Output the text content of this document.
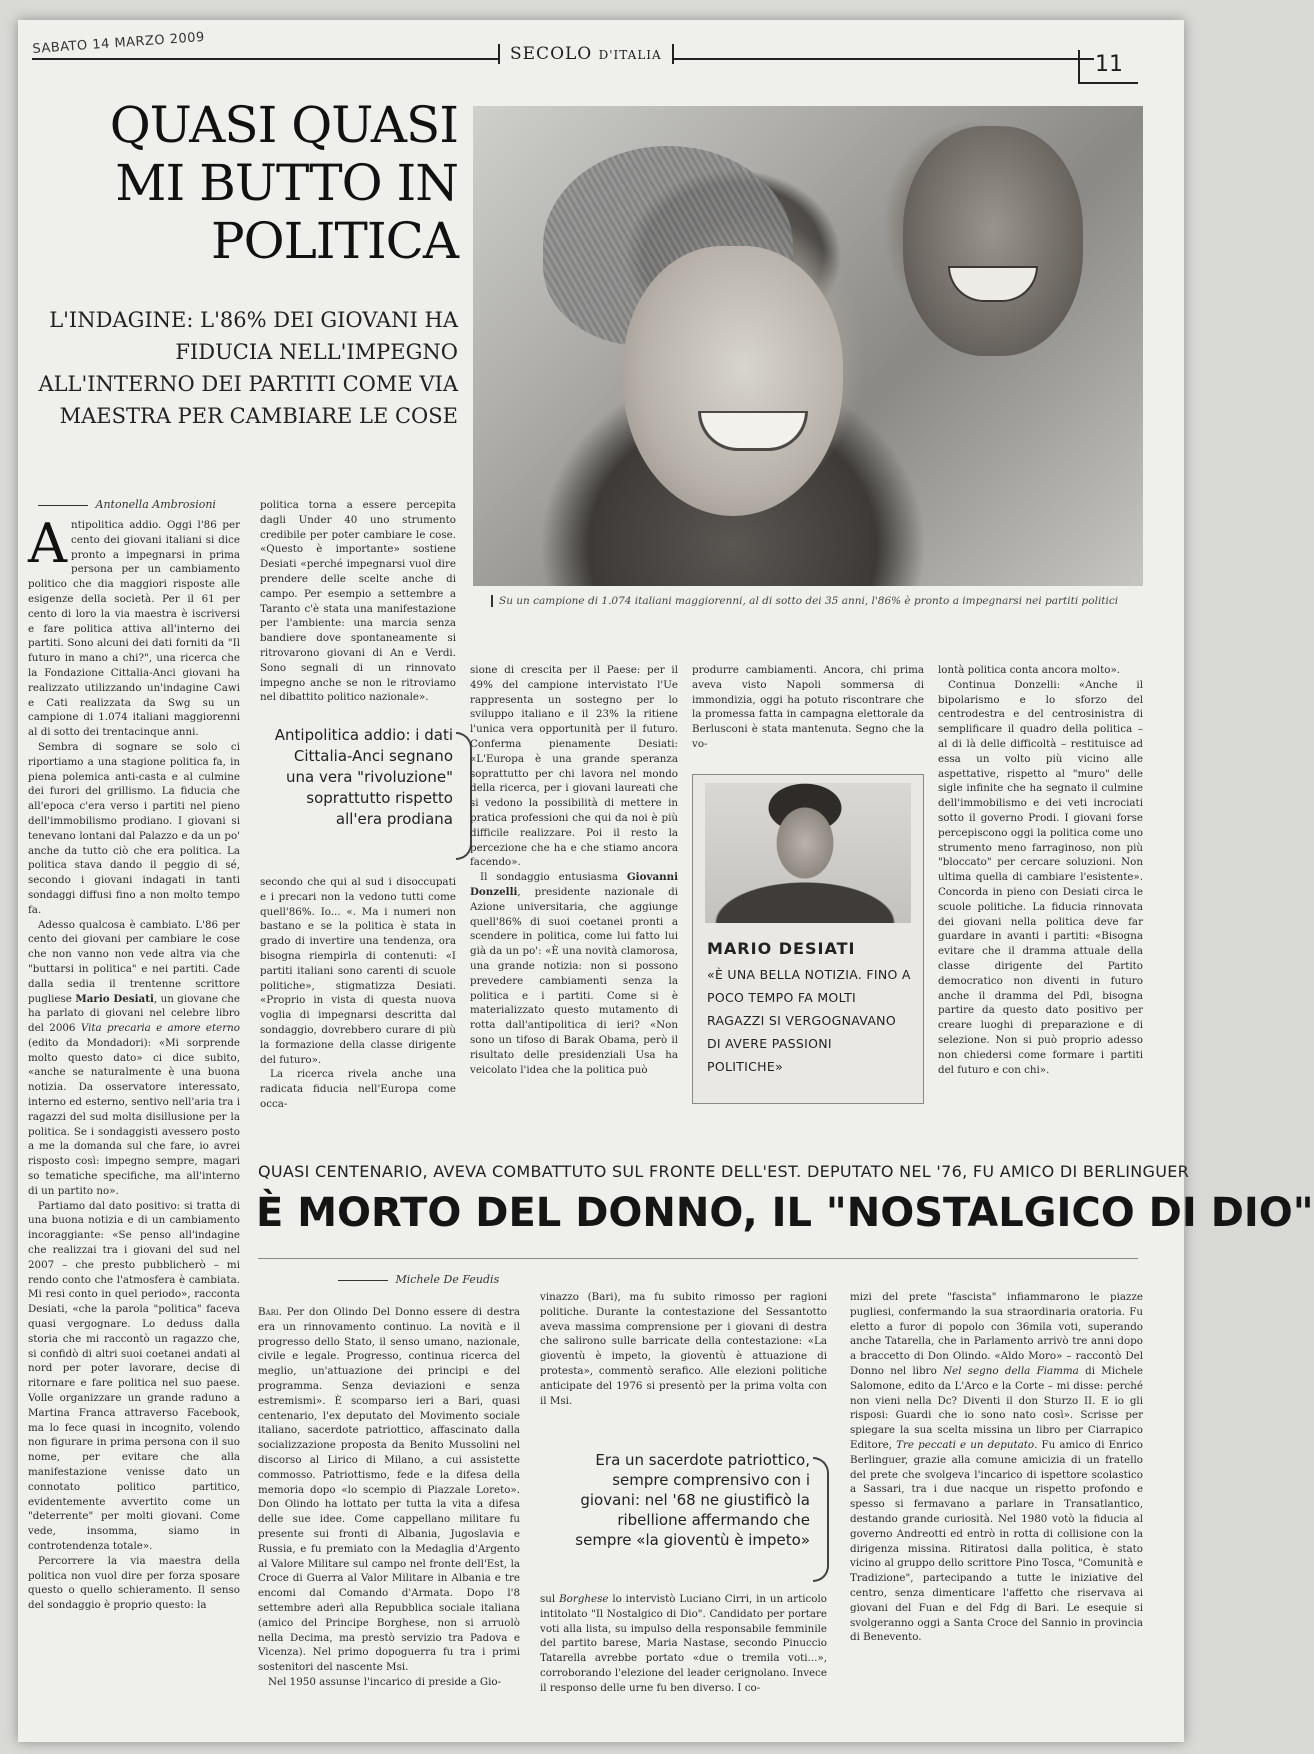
SABATO 14 MARZO 2009	SECOLO D'ITALIA	11
QUASI QUASI MI BUTTO IN POLITICA
L'INDAGINE: L'86% DEI GIOVANI HA FIDUCIA NELL'IMPEGNO ALL'INTERNO DEI PARTITI COME VIA MAESTRA PER CAMBIARE LE COSE
Su un campione di 1.074 italiani maggiorenni, al di sotto dei 35 anni, l'86% è pronto a impegnarsi nei partiti politici
Antonella Ambrosioni

Antipolitica addio. Oggi l'86 per cento dei giovani italiani si dice pronto a impegnarsi in prima persona per un cambiamento politico che dia maggiori risposte alle esigenze della società. Per il 61 per cento di loro la via maestra è iscriversi e fare politica attiva all'interno dei partiti. Sono alcuni dei dati forniti da "Il futuro in mano a chi?", una ricerca che la Fondazione Cittalia-Anci giovani ha realizzato utilizzando un'indagine Cawi e Cati realizzata da Swg su un campione di 1.074 italiani maggiorenni al di sotto dei trentacinque anni.

Sembra di sognare se solo ci riportiamo a una stagione politica fa, in piena polemica anti-casta e al culmine dei furori del grillismo. La fiducia che all'epoca c'era verso i partiti nel pieno dell'immobilismo prodiano. I giovani si tenevano lontani dal Palazzo e da un po' anche da tutto ciò che era politica. La politica stava dando il peggio di sé, secondo i giovani indagati in tanti sondaggi diffusi fino a non molto tempo fa.

Adesso qualcosa è cambiato. L'86 per cento dei giovani per cambiare le cose che non vanno non vede altra via che "buttarsi in politica" e nei partiti. Cade dalla sedia il trentenne scrittore pugliese Mario Desiati, un giovane che ha parlato di giovani nel celebre libro del 2006 Vita precaria e amore eterno (edito da Mondadori): «Mi sorprende molto questo dato» ci dice subito, «anche se naturalmente è una buona notizia. Da osservatore interessato, interno ed esterno, sentivo nell'aria tra i ragazzi del sud molta disillusione per la politica. Se i sondaggisti avessero posto a me la domanda sul che fare, io avrei risposto così: impegno sempre, magari so tematiche specifiche, ma all'interno di un partito no».

Partiamo dal dato positivo: si tratta di una buona notizia e di un cambiamento incoraggiante: «Se penso all'indagine che realizzai tra i giovani del sud nel 2007 – che presto pubblicherò – mi rendo conto che l'atmosfera è cambiata. Mi resi conto in quel periodo», racconta Desiati, «che la parola "politica" faceva quasi vergognare. Lo deduss dalla storia che mi raccontò un ragazzo che, si confidò di altri suoi coetanei andati al nord per poter lavorare, decise di ritornare e fare politica nel suo paese. Volle organizzare un grande raduno a Martina Franca attraverso Facebook, ma lo fece quasi in incognito, volendo non figurare in prima persona con il suo nome, per evitare che alla manifestazione venisse dato un connotato politico partitico, evidentemente avvertito come un "deterrente" per molti giovani. Come vede, insomma, siamo in controtendenza totale».

Percorrere la via maestra della politica non vuol dire per forza sposare questo o quello schieramento. Il senso del sondaggio è proprio questo: la

politica torna a essere percepita dagli Under 40 uno strumento credibile per poter cambiare le cose. «Questo è importante» sostiene Desiati «perché impegnarsi vuol dire prendere delle scelte anche di campo. Per esempio a settembre a Taranto c'è stata una manifestazione per l'ambiente: una marcia senza bandiere dove spontaneamente si ritrovarono giovani di An e Verdi. Sono segnali di un rinnovato impegno anche se non le ritroviamo nel dibattito politico nazionale».

Antipolitica addio: i dati Cittalia-Anci segnano una vera "rivoluzione" soprattutto rispetto all'era prodiana

secondo che qui al sud i disoccupati e i precari non la vedono tutti come quell'86%. Io... «. Ma i numeri non bastano e se la politica è stata in grado di invertire una tendenza, ora bisogna riempirla di contenuti: «I partiti italiani sono carenti di scuole politiche», stigmatizza Desiati. «Proprio in vista di questa nuova voglia di impegnarsi descritta dal sondaggio, dovrebbero curare di più la formazione della classe dirigente del futuro».

La ricerca rivela anche una radicata fiducia nell'Europa come occa-

sione di crescita per il Paese: per il 49% del campione intervistato l'Ue rappresenta un sostegno per lo sviluppo italiano e il 23% la ritiene l'unica vera opportunità per il futuro. Conferma pienamente Desiati: «L'Europa è una grande speranza soprattutto per chi lavora nel mondo della ricerca, per i giovani laureati che si vedono la possibilità di mettere in pratica professioni che qui da noi è più difficile realizzare. Poi il resto la percezione che ha e che stiamo ancora facendo».

Il sondaggio entusiasma Giovanni Donzelli, presidente nazionale di Azione universitaria, che aggiunge quell'86% di suoi coetanei pronti a scendere in politica, come lui fatto lui già da un po': «È una novità clamorosa, una grande notizia: non si possono prevedere cambiamenti senza la politica e i partiti. Come si è materializzato questo mutamento di rotta dall'antipolitica di ieri? «Non sono un tifoso di Barak Obama, però il risultato delle presidenziali Usa ha veicolato l'idea che la politica può

produrre cambiamenti. Ancora, chi prima aveva visto Napoli sommersa di immondizia, oggi ha potuto riscontrare che la promessa fatta in campagna elettorale da Berlusconi è stata mantenuta. Segno che la vo-

MARIO DESIATI
«È UNA BELLA NOTIZIA. FINO A POCO TEMPO FA MOLTI RAGAZZI SI VERGOGNAVANO DI AVERE PASSIONI POLITICHE»

lontà politica conta ancora molto».

Continua Donzelli: «Anche il bipolarismo e lo sforzo del centrodestra e del centrosinistra di semplificare il quadro della politica – al di là delle difficoltà – restituisce ad essa un volto più vicino alle aspettative, rispetto al "muro" delle sigle infinite che ha segnato il culmine dell'immobilismo e dei veti incrociati sotto il governo Prodi. I giovani forse percepiscono oggi la politica come uno strumento meno farraginoso, non più "bloccato" per cercare soluzioni. Non ultima quella di cambiare l'esistente». Concorda in pieno con Desiati circa le scuole politiche. La fiducia rinnovata dei giovani nella politica deve far guardare in avanti i partiti: «Bisogna evitare che il dramma attuale della classe dirigente del Partito democratico non diventi in futuro anche il dramma del Pdl, bisogna partire da questo dato positivo per creare luoghi di preparazione e di selezione. Non si può proprio adesso non chiedersi come formare i partiti del futuro e con chi».

QUASI CENTENARIO, AVEVA COMBATTUTO SUL FRONTE DELL'EST. DEPUTATO NEL '76, FU AMICO DI BERLINGUER
È MORTO DEL DONNO, IL "NOSTALGICO DI DIO"
Michele De Feudis

Bari. Per don Olindo Del Donno essere di destra era un rinnovamento continuo. La novità e il progresso dello Stato, il senso umano, nazionale, civile e legale. Progresso, continua ricerca del meglio, un'attuazione dei principi e del programma. Senza deviazioni e senza estremismi». È scomparso ieri a Bari, quasi centenario, l'ex deputato del Movimento sociale italiano, sacerdote patriottico, affascinato dalla socializzazione proposta da Benito Mussolini nel discorso al Lirico di Milano, a cui assistette commosso. Patriottismo, fede e la difesa della memoria dopo «lo scempio di Piazzale Loreto». Don Olindo ha lottato per tutta la vita a difesa delle sue idee. Come cappellano militare fu presente sui fronti di Albania, Jugoslavia e Russia, e fu premiato con la Medaglia d'Argento al Valore Militare sul campo nel fronte dell'Est, la Croce di Guerra al Valor Militare in Albania e tre encomi dal Comando d'Armata. Dopo l'8 settembre aderì alla Repubblica sociale italiana (amico del Principe Borghese, non si arruolò nella Decima, ma prestò servizio tra Padova e Vicenza). Nel primo dopoguerra fu tra i primi sostenitori del nascente Msi.

Nel 1950 assunse l'incarico di preside a Gio-

vinazzo (Bari), ma fu subito rimosso per ragioni politiche. Durante la contestazione del Sessantotto aveva massima comprensione per i giovani di destra che salirono sulle barricate della contestazione: «La gioventù è impeto, la gioventù è attuazione di protesta», commentò serafico. Alle elezioni politiche anticipate del 1976 si presentò per la prima volta con il Msi.

Era un sacerdote patriottico, sempre comprensivo con i giovani: nel '68 ne giustificò la ribellione affermando che sempre «la gioventù è impeto»

sul Borghese lo intervistò Luciano Cirri, in un articolo intitolato "Il Nostalgico di Dio". Candidato per portare voti alla lista, su impulso della responsabile femminile del partito barese, Maria Nastase, secondo Pinuccio Tatarella avrebbe portato «due o tremila voti...», corroborando l'elezione del leader cerignolano. Invece il responso delle urne fu ben diverso. I co-

mizi del prete "fascista" infiammarono le piazze pugliesi, confermando la sua straordinaria oratoria. Fu eletto a furor di popolo con 36mila voti, superando anche Tatarella, che in Parlamento arrivò tre anni dopo a braccetto di Don Olindo. «Aldo Moro» – raccontò Del Donno nel libro Nel segno della Fiamma di Michele Salomone, edito da L'Arco e la Corte – mi disse: perché non vieni nella Dc? Diventi il don Sturzo II. E io gli risposi: Guardi che io sono nato così». Scrisse per spiegare la sua scelta missina un libro per Ciarrapico Editore, Tre peccati e un deputato. Fu amico di Enrico Berlinguer, grazie alla comune amicizia di un fratello del prete che svolgeva l'incarico di ispettore scolastico a Sassari, tra i due nacque un rispetto profondo e spesso si fermavano a parlare in Transatlantico, destando grande curiosità. Nel 1980 votò la fiducia al governo Andreotti ed entrò in rotta di collisione con la dirigenza missina. Ritiratosi dalla politica, è stato vicino al gruppo dello scrittore Pino Tosca, "Comunità e Tradizione", partecipando a tutte le iniziative del centro, senza dimenticare l'affetto che riservava ai giovani del Fuan e del Fdg di Bari. Le esequie si svolgeranno oggi a Santa Croce del Sannio in provincia di Benevento.
